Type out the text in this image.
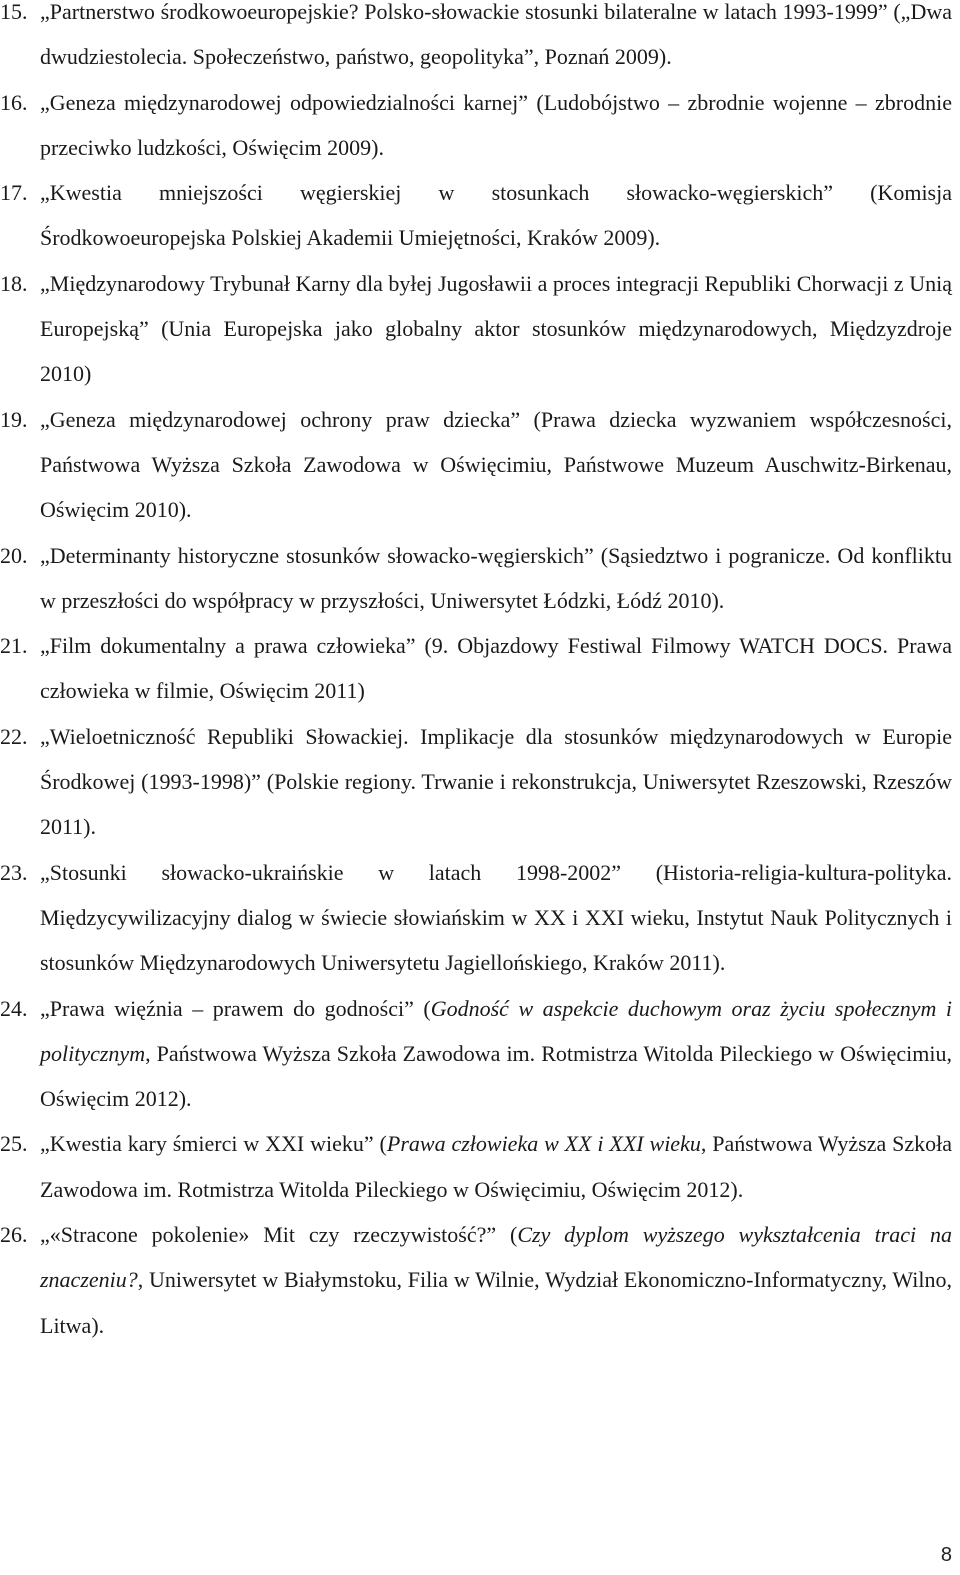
15. „Partnerstwo środkowoeuropejskie? Polsko-słowackie stosunki bilateralne w latach 1993-1999” („Dwa dwudziestolecia. Społeczeństwo, państwo, geopolityka”, Poznań 2009).
16. „Geneza międzynarodowej odpowiedzialności karnej” (Ludobójstwo – zbrodnie wojenne – zbrodnie przeciwko ludzkości, Oświęcim 2009).
17. „Kwestia mniejszości węgierskiej w stosunkach słowacko-węgierskich” (Komisja Środkowoeuropejska Polskiej Akademii Umiejętności, Kraków 2009).
18. „Międzynarodowy Trybunał Karny dla byłej Jugosławii a proces integracji Republiki Chorwacji z Unią Europejską” (Unia Europejska jako globalny aktor stosunków międzynarodowych, Międzyzdroje 2010)
19. „Geneza międzynarodowej ochrony praw dziecka” (Prawa dziecka wyzwaniem współczesności, Państwowa Wyższa Szkoła Zawodowa w Oświęcimiu, Państwowe Muzeum Auschwitz-Birkenau, Oświęcim 2010).
20. „Determinanty historyczne stosunków słowacko-węgierskich” (Sąsiedztwo i pogranicze. Od konfliktu w przeszłości do współpracy w przyszłości, Uniwersytet Łódzki, Łódź 2010).
21. „Film dokumentalny a prawa człowieka” (9. Objazdowy Festiwal Filmowy WATCH DOCS. Prawa człowieka w filmie, Oświęcim 2011)
22. „Wieloetniczność Republiki Słowackiej. Implikacje dla stosunków międzynarodowych w Europie Środkowej (1993-1998)” (Polskie regiony. Trwanie i rekonstrukcja, Uniwersytet Rzeszowski, Rzeszów 2011).
23. „Stosunki słowacko-ukraińskie w latach 1998-2002” (Historia-religia-kultura-polityka. Międzycywilizacyjny dialog w świecie słowiańskim w XX i XXI wieku, Instytut Nauk Politycznych i stosunków Międzynarodowych Uniwersytetu Jagiellońskiego, Kraków 2011).
24. „Prawa więźnia – prawem do godności” (Godność w aspekcie duchowym oraz życiu społecznym i politycznym, Państwowa Wyższa Szkoła Zawodowa im. Rotmistrza Witolda Pileckiego w Oświęcimiu, Oświęcim 2012).
25. „Kwestia kary śmierci w XXI wieku” (Prawa człowieka w XX i XXI wieku, Państwowa Wyższa Szkoła Zawodowa im. Rotmistrza Witolda Pileckiego w Oświęcimiu, Oświęcim 2012).
26. „«Stracone pokolenie» Mit czy rzeczywistość?” (Czy dyplom wyższego wykształcenia traci na znaczeniu?, Uniwersytet w Białymstoku, Filia w Wilnie, Wydział Ekonomiczno-Informatyczny, Wilno, Litwa).
8
